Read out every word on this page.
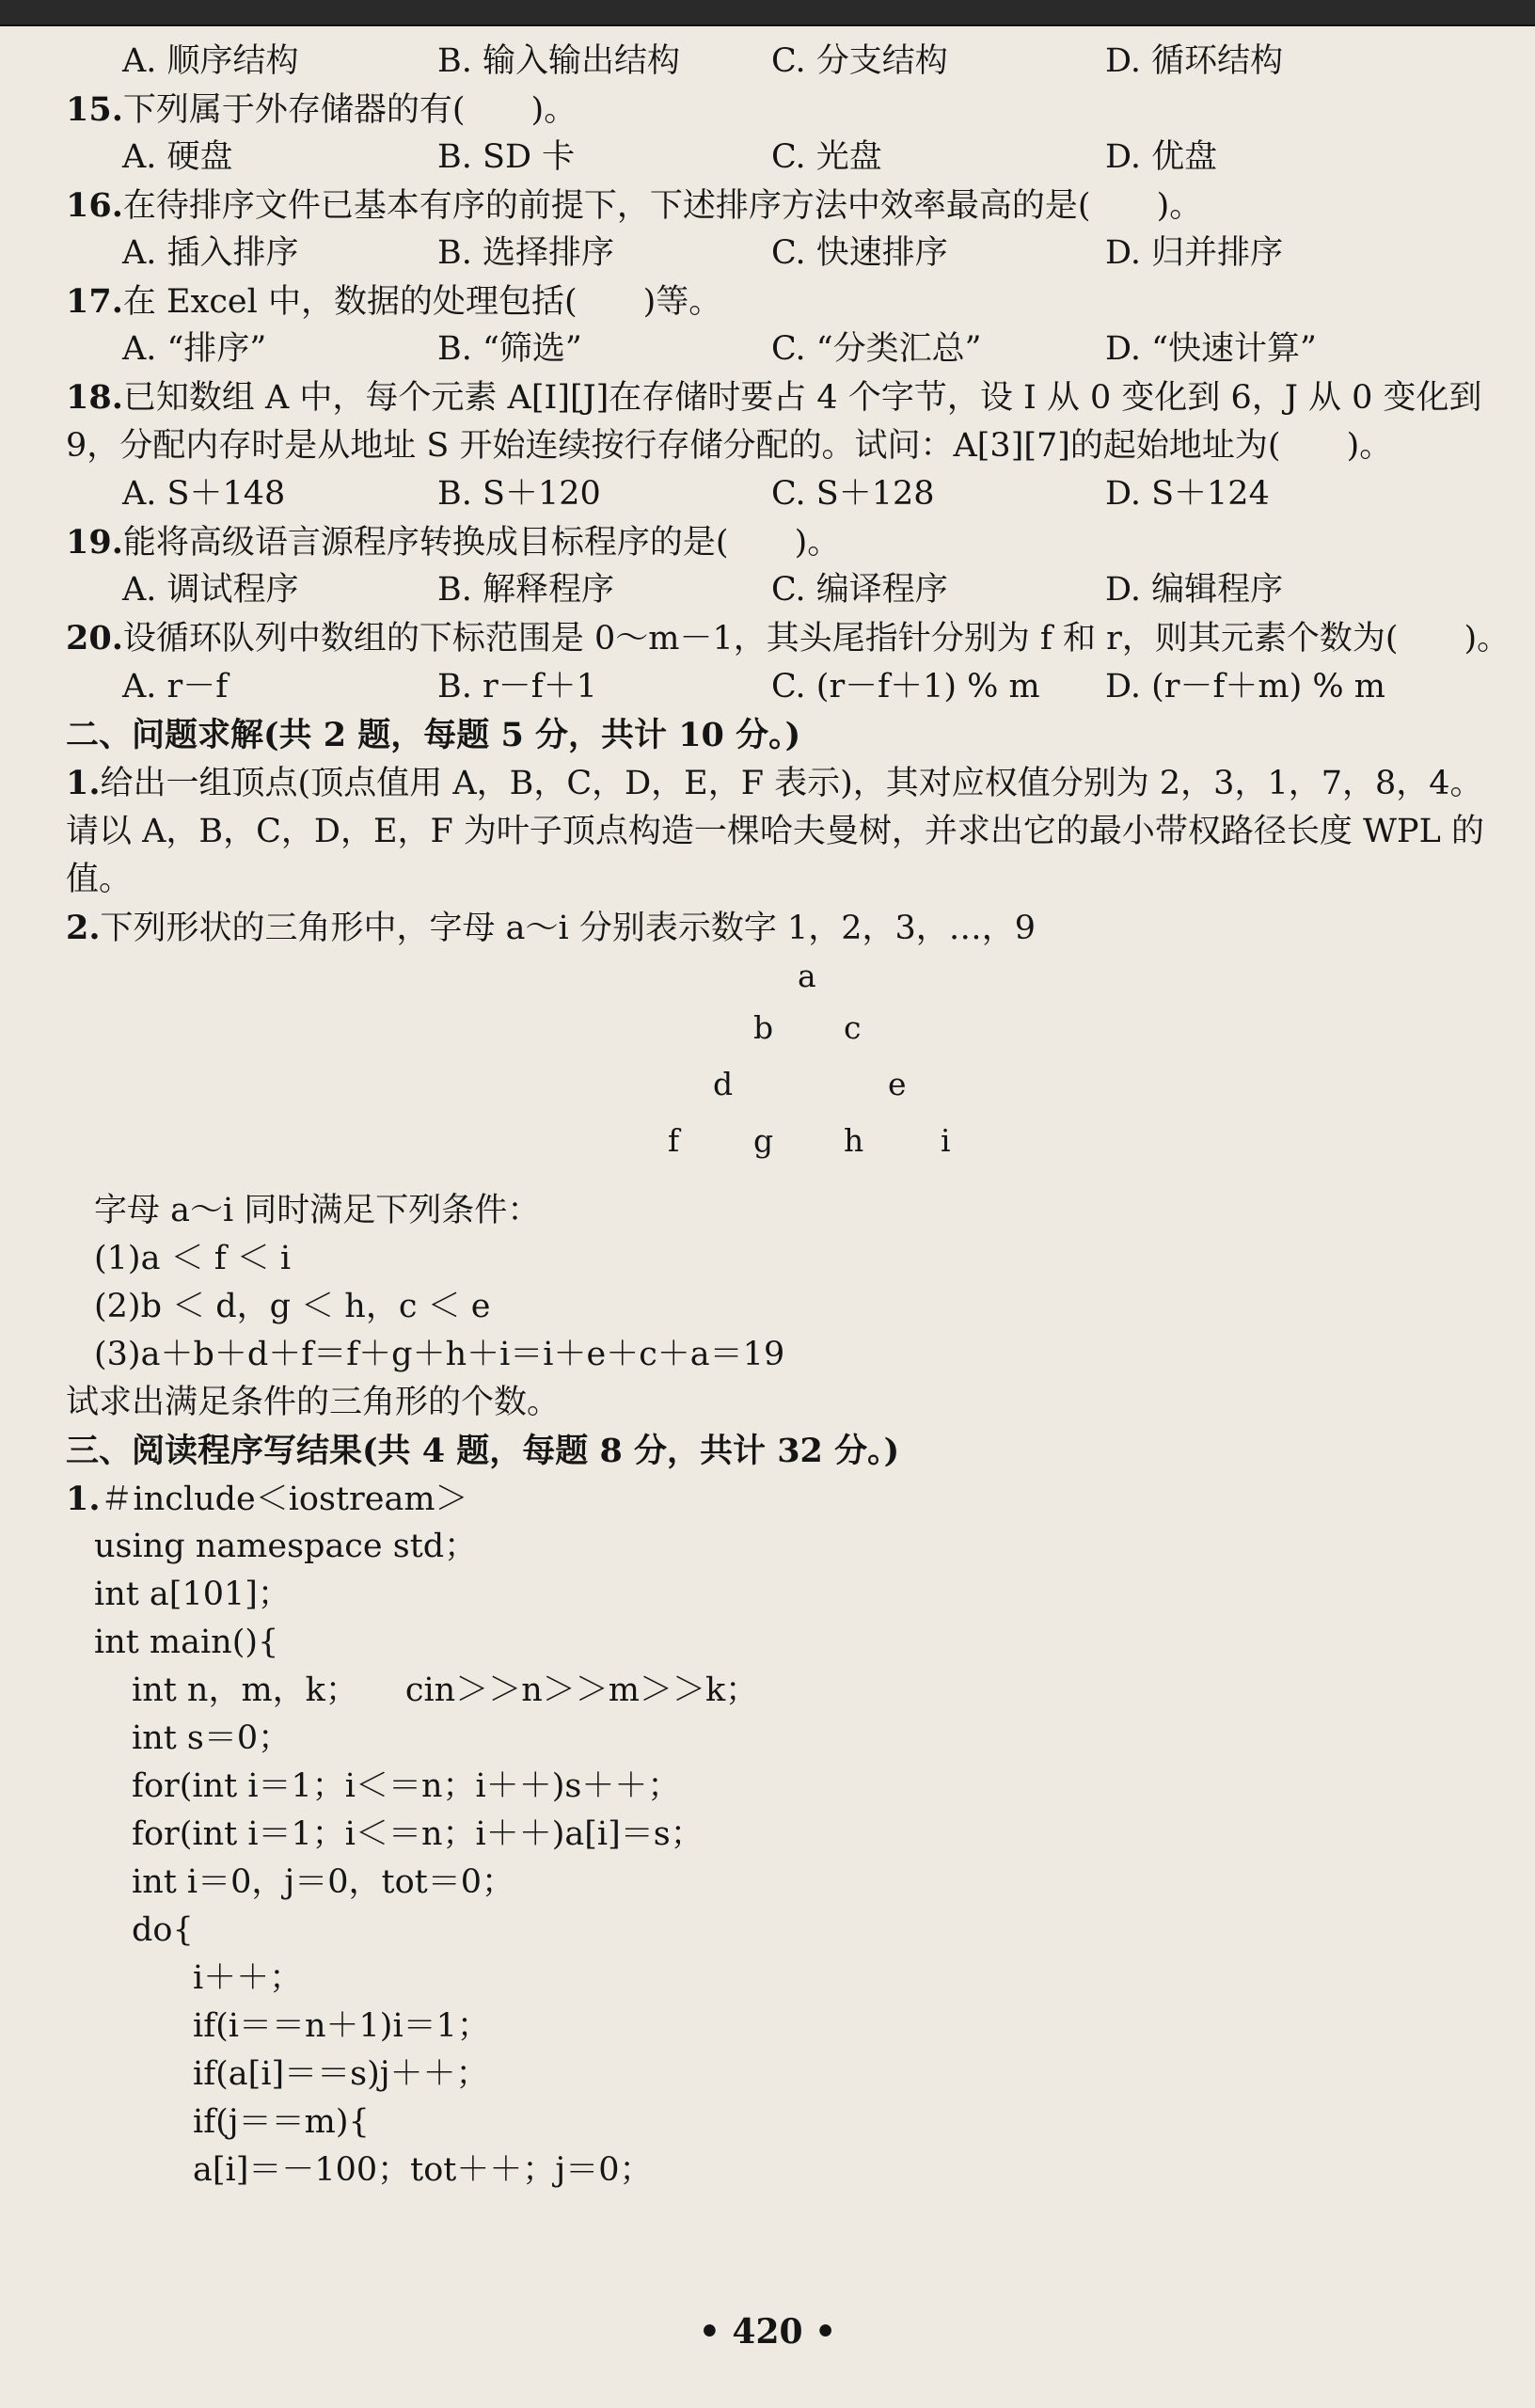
A. 顺序结构	B. 输入输出结构	C. 分支结构	D. 循环结构
15.下列属于外存储器的有(　　)。
A. 硬盘	B. SD 卡	C. 光盘	D. 优盘
16.在待排序文件已基本有序的前提下，下述排序方法中效率最高的是(　　)。
A. 插入排序	B. 选择排序	C. 快速排序	D. 归并排序
17.在 Excel 中，数据的处理包括(　　)等。
A. “排序”	B. “筛选”	C. “分类汇总”	D. “快速计算”
18.已知数组 A 中，每个元素 A[I][J]在存储时要占 4 个字节，设 I 从 0 变化到 6，J 从 0 变化到 9，分配内存时是从地址 S 开始连续按行存储分配的。试问：A[3][7]的起始地址为(　　)。
A. S＋148	B. S＋120	C. S＋128	D. S＋124
19.能将高级语言源程序转换成目标程序的是(　　)。
A. 调试程序	B. 解释程序	C. 编译程序	D. 编辑程序
20.设循环队列中数组的下标范围是 0～m－1，其头尾指针分别为 f 和 r，则其元素个数为(　　)。
A. r－f	B. r－f＋1	C. (r－f＋1) % m D. (r－f＋m) % m
二、问题求解(共 2 题，每题 5 分，共计 10 分。)
1.给出一组顶点(顶点值用 A，B，C，D，E，F 表示)，其对应权值分别为 2，3，1，7，8，4。请以 A，B，C，D，E，F 为叶子顶点构造一棵哈夫曼树，并求出它的最小带权路径长度 WPL 的值。
2.下列形状的三角形中，字母 a～i 分别表示数字 1，2，3，…，9
a
b c
d	e
f g h i
字母 a～i 同时满足下列条件：
(1)a ＜ f ＜ i
(2)b ＜ d，g ＜ h，c ＜ e
(3)a＋b＋d＋f＝f＋g＋h＋i＝i＋e＋c＋a＝19
试求出满足条件的三角形的个数。
三、阅读程序写结果(共 4 题，每题 8 分，共计 32 分。)
1.＃include＜iostream＞
using namespace std；
int a[101]；
int main(){
int n，m，k； cin＞＞n＞＞m＞＞k；
int s＝0；
for(int i＝1；i＜＝n；i＋＋)s＋＋；
for(int i＝1；i＜＝n；i＋＋)a[i]＝s；
int i＝0，j＝0，tot＝0；
do{
i＋＋；
if(i＝＝n＋1)i＝1；
if(a[i]＝＝s)j＋＋；
if(j＝＝m){
a[i]＝－100；tot＋＋；j＝0；
• 420 •
